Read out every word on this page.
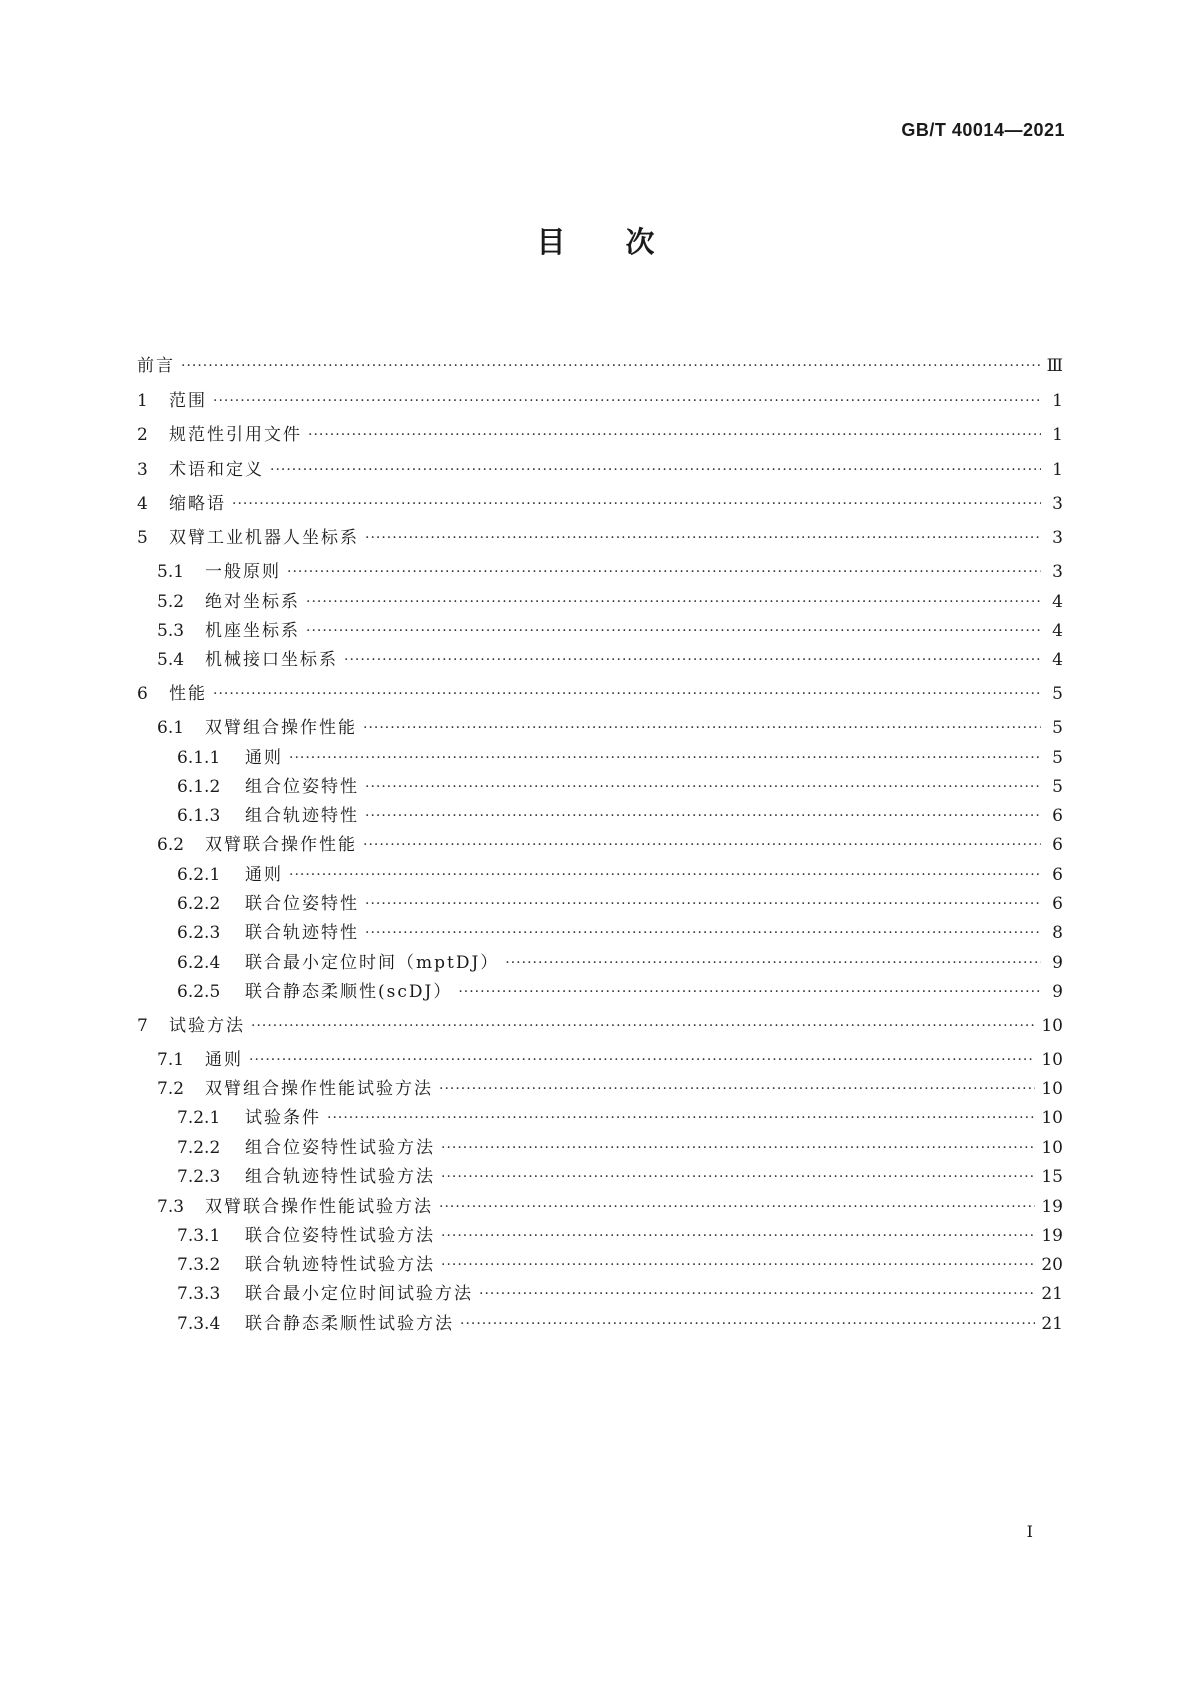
GB/T 40014—2021
目次
前言 ·····	Ⅲ
1	范围 ·····	1
2	规范性引用文件 ·····	1
3	术语和定义 ·····	1
4	缩略语 ·····	3
5	双臂工业机器人坐标系 ·····	3
5.1	一般原则 ·····	3
5.2	绝对坐标系 ·····	4
5.3	机座坐标系 ·····	4
5.4	机械接口坐标系 ·····	4
6	性能 ·····	5
6.1	双臂组合操作性能 ·····	5
6.1.1	通则 ·····	5
6.1.2	组合位姿特性 ·····	5
6.1.3	组合轨迹特性 ·····	6
6.2	双臂联合操作性能 ·····	6
6.2.1	通则 ·····	6
6.2.2	联合位姿特性 ·····	6
6.2.3	联合轨迹特性 ·····	8
6.2.4	联合最小定位时间（mptDJ） ·····	9
6.2.5	联合静态柔顺性(scDJ） ·····	9
7	试验方法 ·····	10
7.1	通则 ·····	10
7.2	双臂组合操作性能试验方法 ·····	10
7.2.1	试验条件 ·····	10
7.2.2	组合位姿特性试验方法 ·····	10
7.2.3	组合轨迹特性试验方法 ·····	15
7.3	双臂联合操作性能试验方法 ·····	19
7.3.1	联合位姿特性试验方法 ·····	19
7.3.2	联合轨迹特性试验方法 ·····	20
7.3.3	联合最小定位时间试验方法 ·····	21
7.3.4	联合静态柔顺性试验方法 ·····	21
I
